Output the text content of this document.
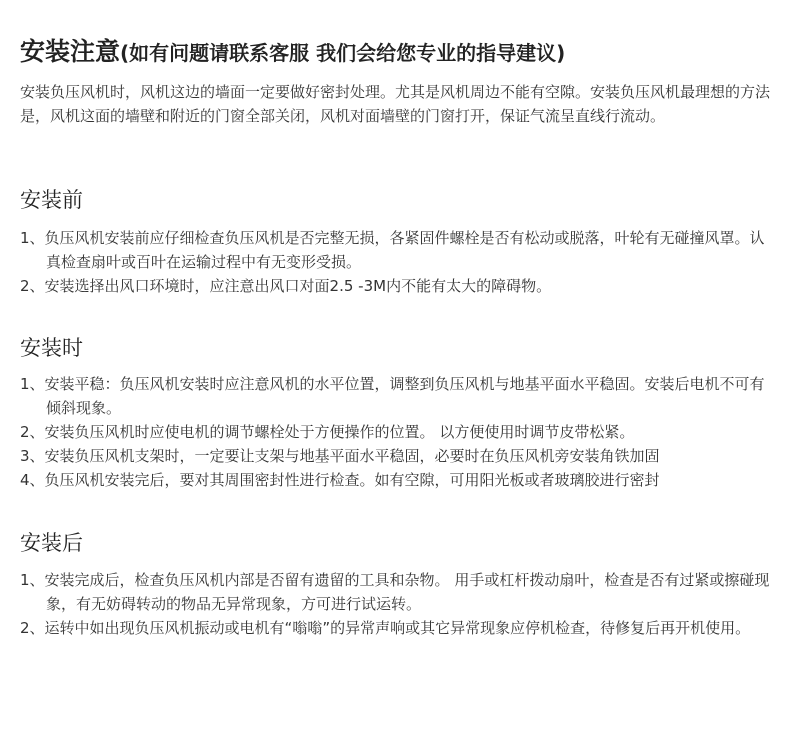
安装注意(如有问题请联系客服 我们会给您专业的指导建议)
安装负压风机时，风机这边的墙面一定要做好密封处理。尤其是风机周边不能有空隙。安装负压风机最理想的方法是，风机这面的墙壁和附近的门窗全部关闭，风机对面墙壁的门窗打开，保证气流呈直线行流动。
安装前
1、负压风机安装前应仔细检查负压风机是否完整无损，各紧固件螺栓是否有松动或脱落，叶轮有无碰撞风罩。认真检查扇叶或百叶在运输过程中有无变形受损。
2、安装选择出风口环境时，应注意出风口对面2.5 -3M内不能有太大的障碍物。
安装时
1、安装平稳：负压风机安装时应注意风机的水平位置，调整到负压风机与地基平面水平稳固。安装后电机不可有倾斜现象。
2、安装负压风机时应使电机的调节螺栓处于方便操作的位置。 以方便使用时调节皮带松紧。
3、安装负压风机支架时，一定要让支架与地基平面水平稳固，必要时在负压风机旁安装角铁加固
4、负压风机安装完后，要对其周围密封性进行检查。如有空隙，可用阳光板或者玻璃胶进行密封
安装后
1、安装完成后，检查负压风机内部是否留有遗留的工具和杂物。 用手或杠杆拨动扇叶，检查是否有过紧或擦碰现象，有无妨碍转动的物品无异常现象，方可进行试运转。
2、运转中如出现负压风机振动或电机有“嗡嗡”的异常声响或其它异常现象应停机检查，待修复后再开机使用。
